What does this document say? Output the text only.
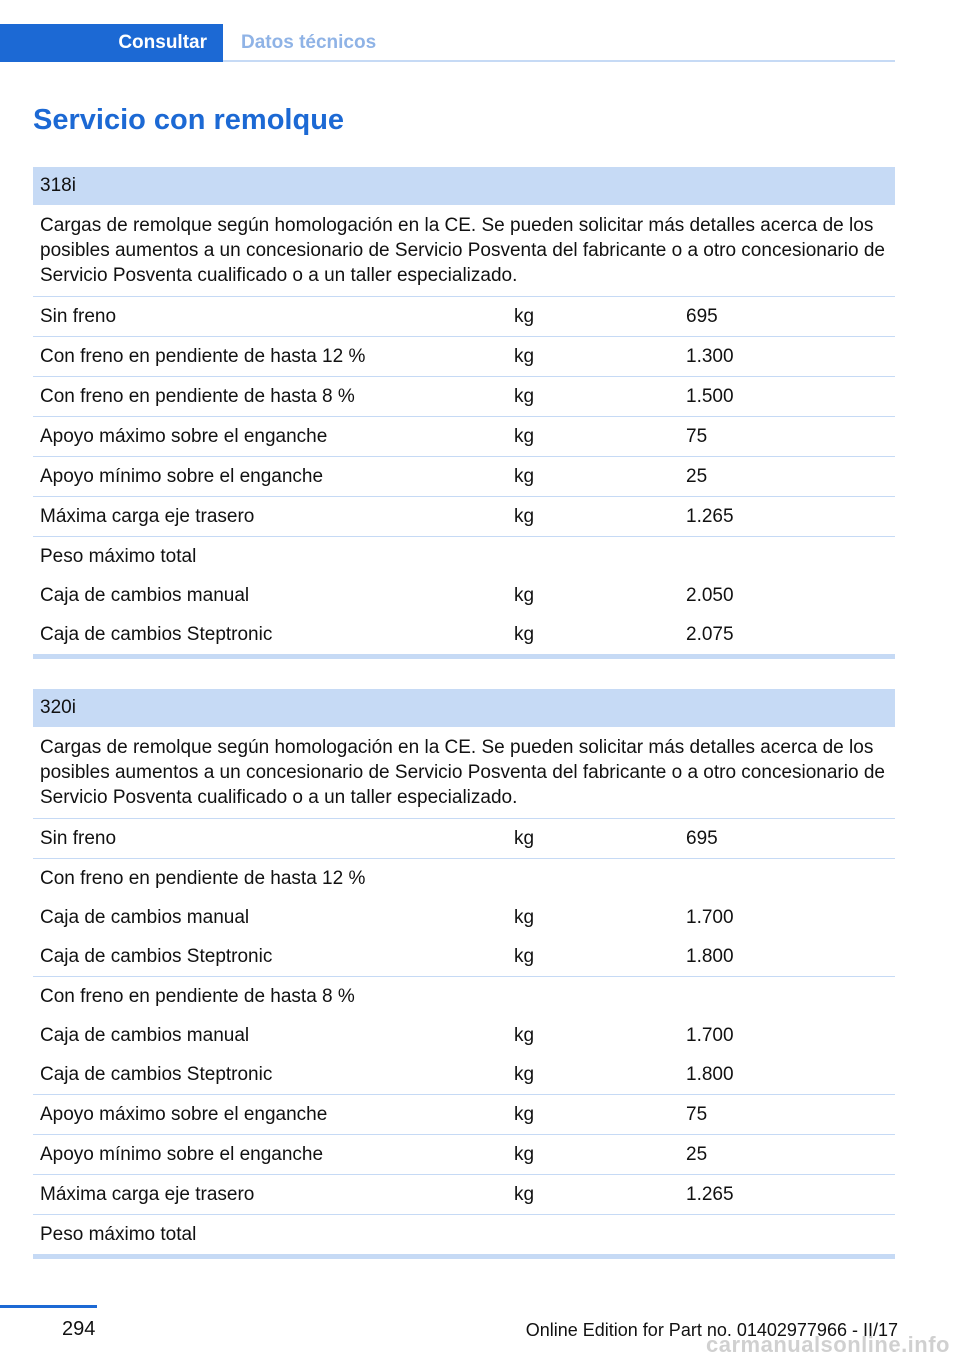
Consultar	Datos técnicos
Servicio con remolque
318i
Cargas de remolque según homologación en la CE. Se pueden solicitar más detalles acerca de los posibles aumentos a un concesionario de Servicio Posventa del fabricante o a otro concesionario de Servicio Posventa cualificado o a un taller especializado.
Sin freno	kg	695
Con freno en pendiente de hasta 12 %	kg	1.300
Con freno en pendiente de hasta 8 %	kg	1.500
Apoyo máximo sobre el enganche	kg	75
Apoyo mínimo sobre el enganche	kg	25
Máxima carga eje trasero	kg	1.265
Peso máximo total
Caja de cambios manual	kg	2.050
Caja de cambios Steptronic	kg	2.075
320i
Cargas de remolque según homologación en la CE. Se pueden solicitar más detalles acerca de los posibles aumentos a un concesionario de Servicio Posventa del fabricante o a otro concesionario de Servicio Posventa cualificado o a un taller especializado.
Sin freno	kg	695
Con freno en pendiente de hasta 12 %
Caja de cambios manual	kg	1.700
Caja de cambios Steptronic	kg	1.800
Con freno en pendiente de hasta 8 %
Caja de cambios manual	kg	1.700
Caja de cambios Steptronic	kg	1.800
Apoyo máximo sobre el enganche	kg	75
Apoyo mínimo sobre el enganche	kg	25
Máxima carga eje trasero	kg	1.265
Peso máximo total
294	Online Edition for Part no. 01402977966 - II/17
carmanualsonline.info
